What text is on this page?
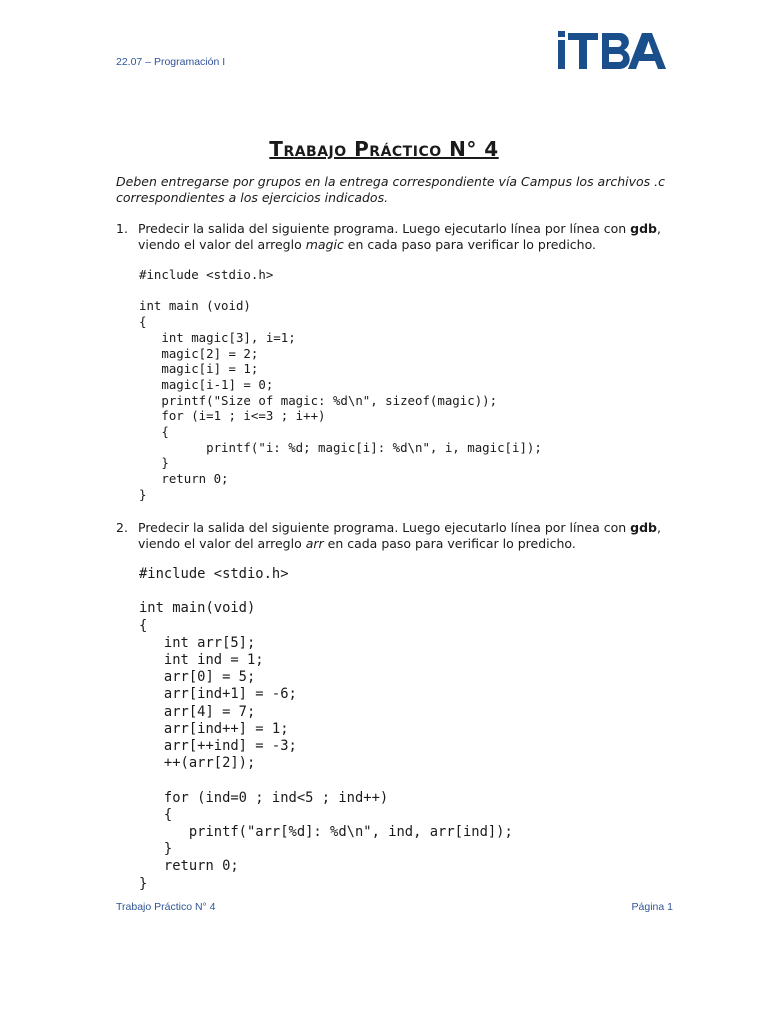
22.07 – Programación I
Trabajo Práctico N° 4
Deben entregarse por grupos en la entrega correspondiente vía Campus los archivos .c correspondientes a los ejercicios indicados.
1. Predecir la salida del siguiente programa. Luego ejecutarlo línea por línea con gdb, viendo el valor del arreglo magic en cada paso para verificar lo predicho.
#include <stdio.h>

int main (void)
{
int magic[3], i=1;
magic[2] = 2;
magic[i] = 1;
magic[i-1] = 0;
printf("Size of magic: %d\n", sizeof(magic));
for (i=1 ; i<=3 ; i++)
{
printf("i: %d; magic[i]: %d\n", i, magic[i]);
}
return 0;
}
2. Predecir la salida del siguiente programa. Luego ejecutarlo línea por línea con gdb, viendo el valor del arreglo arr en cada paso para verificar lo predicho.
#include <stdio.h>

int main(void)
{
int arr[5];
int ind = 1;
arr[0] = 5;
arr[ind+1] = -6;
arr[4] = 7;
arr[ind++] = 1;
arr[++ind] = -3;
++(arr[2]);

for (ind=0 ; ind<5 ; ind++)
{
printf("arr[%d]: %d\n", ind, arr[ind]);
}
return 0;
}
Trabajo Práctico N° 4	Página 1
